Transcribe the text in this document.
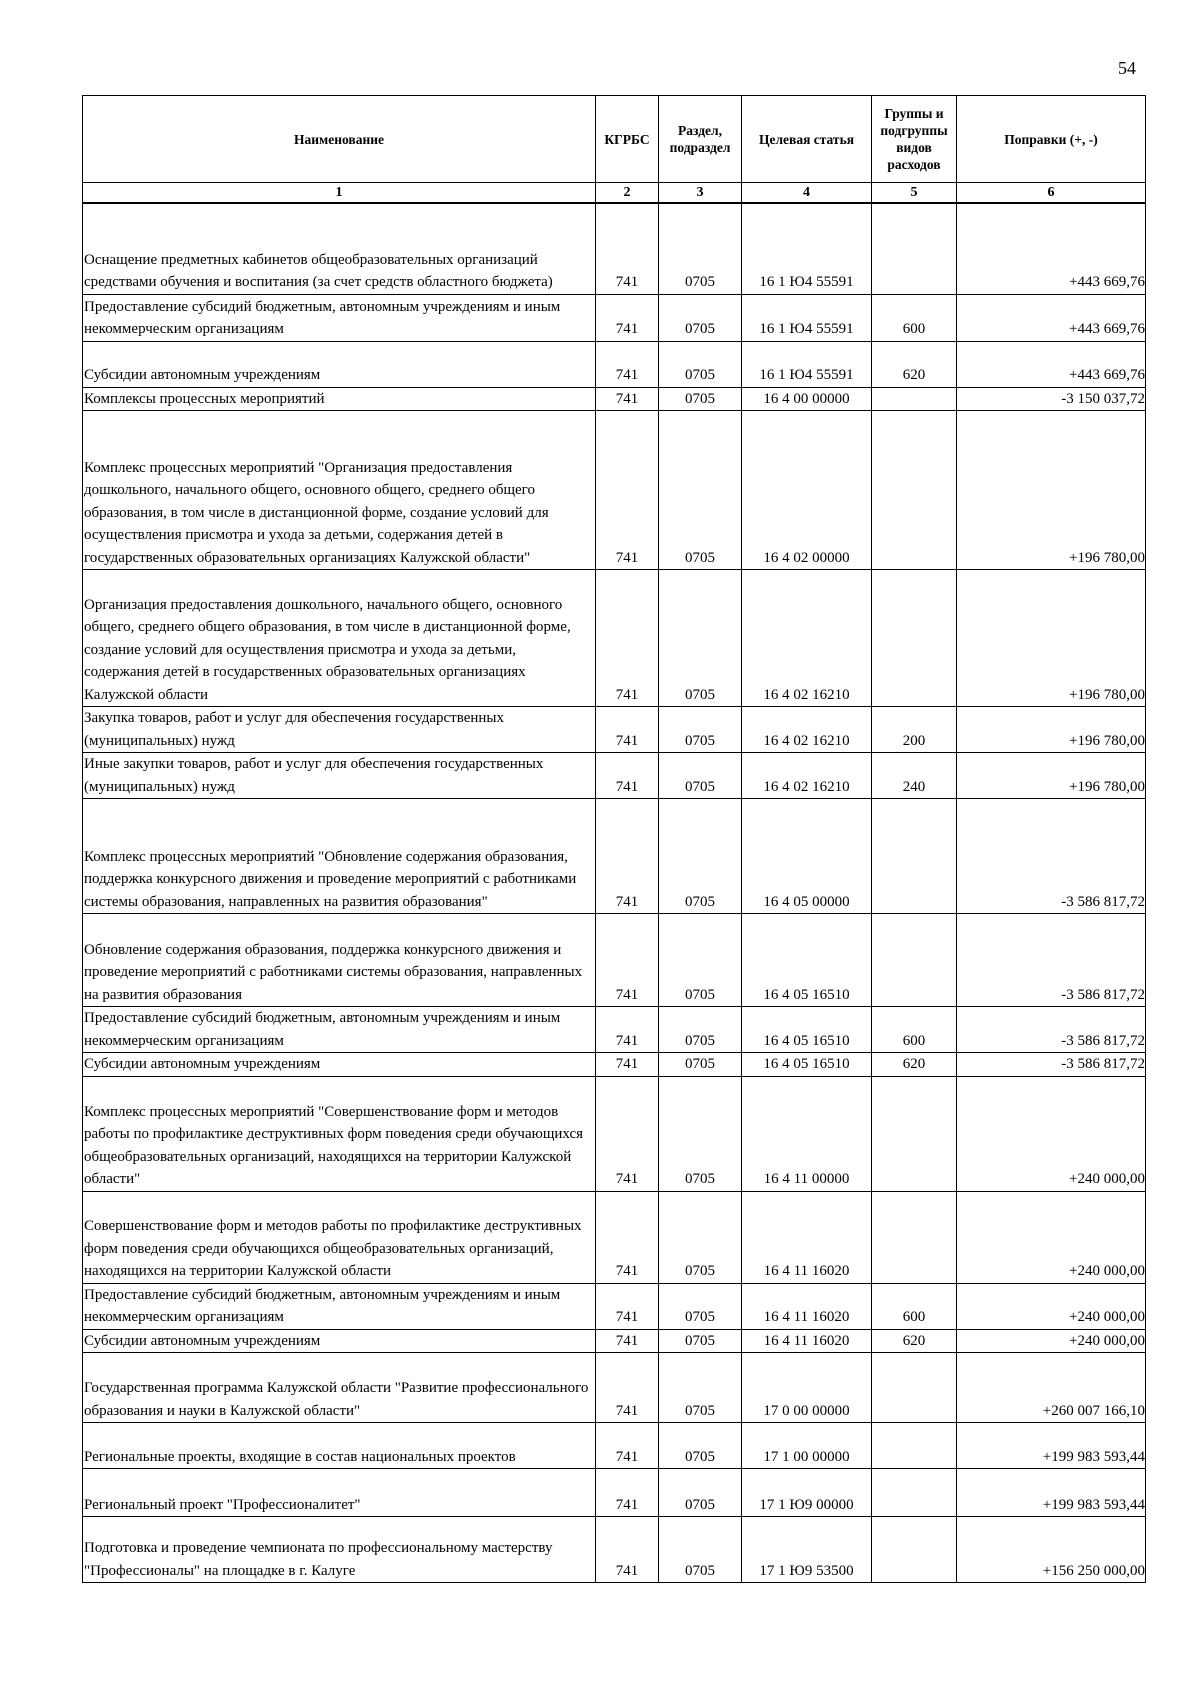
54
Наименование	КГРБС	Раздел, подраздел	Целевая статья	Группы и подгруппы видов расходов	Поправки (+, -)
1	2	3	4	5	6
Оснащение предметных кабинетов общеобразовательных организаций средствами обучения и воспитания (за счет средств областного бюджета)	741	0705	16 1 Ю4 55591		+443 669,76
Предоставление субсидий бюджетным, автономным учреждениям и иным некоммерческим организациям	741	0705	16 1 Ю4 55591	600	+443 669,76
Субсидии автономным учреждениям	741	0705	16 1 Ю4 55591	620	+443 669,76
Комплексы процессных мероприятий	741	0705	16 4 00 00000		-3 150 037,72
Комплекс процессных мероприятий "Организация предоставления дошкольного, начального общего, основного общего, среднего общего образования, в том числе в дистанционной форме, создание условий для осуществления присмотра и ухода за детьми, содержания детей в государственных образовательных организациях Калужской области"	741	0705	16 4 02 00000		+196 780,00
Организация предоставления дошкольного, начального общего, основного общего, среднего общего образования, в том числе в дистанционной форме, создание условий для осуществления присмотра и ухода за детьми, содержания детей в государственных образовательных организациях Калужской области	741	0705	16 4 02 16210		+196 780,00
Закупка товаров, работ и услуг для обеспечения государственных (муниципальных) нужд	741	0705	16 4 02 16210	200	+196 780,00
Иные закупки товаров, работ и услуг для обеспечения государственных (муниципальных) нужд	741	0705	16 4 02 16210	240	+196 780,00
Комплекс процессных мероприятий "Обновление содержания образования, поддержка конкурсного движения и проведение мероприятий с работниками системы образования, направленных на развития образования"	741	0705	16 4 05 00000		-3 586 817,72
Обновление содержания образования, поддержка конкурсного движения и проведение мероприятий с работниками системы образования, направленных на развития образования	741	0705	16 4 05 16510		-3 586 817,72
Предоставление субсидий бюджетным, автономным учреждениям и иным некоммерческим организациям	741	0705	16 4 05 16510	600	-3 586 817,72
Субсидии автономным учреждениям	741	0705	16 4 05 16510	620	-3 586 817,72
Комплекс процессных мероприятий "Совершенствование форм и методов работы по профилактике деструктивных форм поведения среди обучающихся общеобразовательных организаций, находящихся на территории Калужской области"	741	0705	16 4 11 00000		+240 000,00
Совершенствование форм и методов работы по профилактике деструктивных форм поведения среди обучающихся общеобразовательных организаций, находящихся на территории Калужской области	741	0705	16 4 11 16020		+240 000,00
Предоставление субсидий бюджетным, автономным учреждениям и иным некоммерческим организациям	741	0705	16 4 11 16020	600	+240 000,00
Субсидии автономным учреждениям	741	0705	16 4 11 16020	620	+240 000,00
Государственная программа Калужской области "Развитие профессионального образования и науки в Калужской области"	741	0705	17 0 00 00000		+260 007 166,10
Региональные проекты, входящие в состав национальных проектов	741	0705	17 1 00 00000		+199 983 593,44
Региональный проект "Профессионалитет"	741	0705	17 1 Ю9 00000		+199 983 593,44
Подготовка и проведение чемпионата по профессиональному мастерству "Профессионалы" на площадке в г. Калуге	741	0705	17 1 Ю9 53500		+156 250 000,00
